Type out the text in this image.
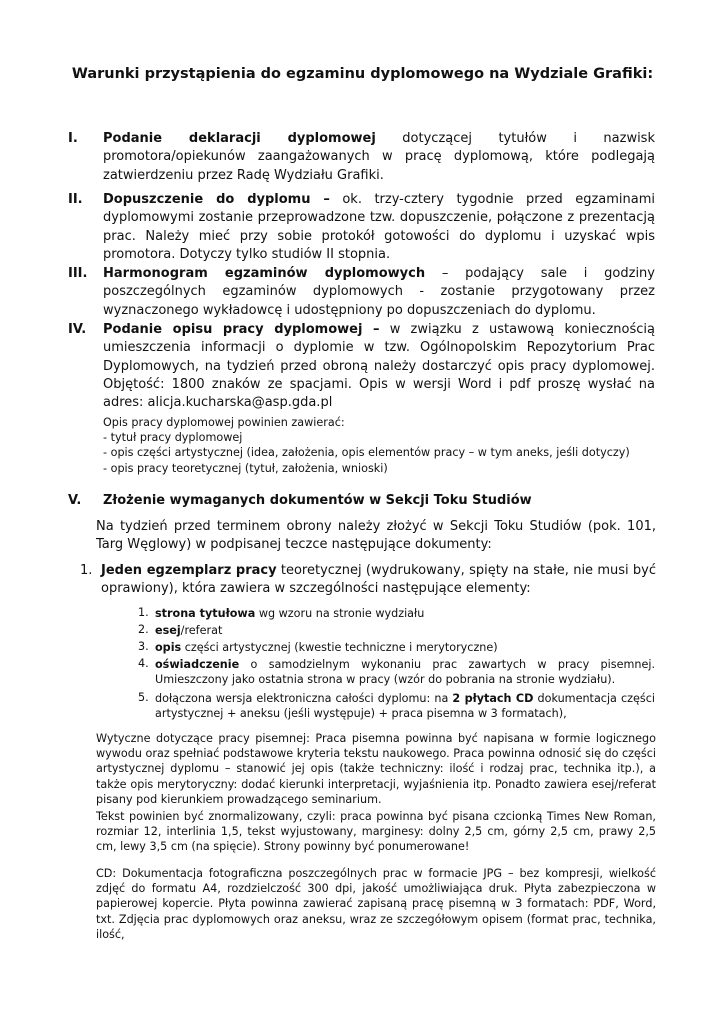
Warunki przystąpienia do egzaminu dyplomowego na Wydziale Grafiki:
I. Podanie deklaracji dyplomowej dotyczącej tytułów i nazwisk promotora/opiekunów zaangażowanych w pracę dyplomową, które podlegają zatwierdzeniu przez Radę Wydziału Grafiki.
II. Dopuszczenie do dyplomu – ok. trzy-cztery tygodnie przed egzaminami dyplomowymi zostanie przeprowadzone tzw. dopuszczenie, połączone z prezentacją prac. Należy mieć przy sobie protokół gotowości do dyplomu i uzyskać wpis promotora. Dotyczy tylko studiów II stopnia.
III. Harmonogram egzaminów dyplomowych – podający sale i godziny poszczególnych egzaminów dyplomowych - zostanie przygotowany przez wyznaczonego wykładowcę i udostępniony po dopuszczeniach do dyplomu.
IV. Podanie opisu pracy dyplomowej – w związku z ustawową koniecznością umieszczenia informacji o dyplomie w tzw. Ogólnopolskim Repozytorium Prac Dyplomowych, na tydzień przed obroną należy dostarczyć opis pracy dyplomowej. Objętość: 1800 znaków ze spacjami. Opis w wersji Word i pdf proszę wysłać na adres: alicja.kucharska@asp.gda.pl
Opis pracy dyplomowej powinien zawierać:
- tytuł pracy dyplomowej
- opis części artystycznej (idea, założenia, opis elementów pracy – w tym aneks, jeśli dotyczy)
- opis pracy teoretycznej (tytuł, założenia, wnioski)
V. Złożenie wymaganych dokumentów w Sekcji Toku Studiów
Na tydzień przed terminem obrony należy złożyć w Sekcji Toku Studiów (pok. 101, Targ Węglowy) w podpisanej teczce następujące dokumenty:
1. Jeden egzemplarz pracy teoretycznej (wydrukowany, spięty na stałe, nie musi być oprawiony), która zawiera w szczególności następujące elementy:
1. strona tytułowa wg wzoru na stronie wydziału
2. esej/referat
3. opis części artystycznej (kwestie techniczne i merytoryczne)
4. oświadczenie o samodzielnym wykonaniu prac zawartych w pracy pisemnej. Umieszczony jako ostatnia strona w pracy (wzór do pobrania na stronie wydziału).
5. dołączona wersja elektroniczna całości dyplomu: na 2 płytach CD dokumentacja części artystycznej + aneksu (jeśli występuje) + praca pisemna w 3 formatach),
Wytyczne dotyczące pracy pisemnej: Praca pisemna powinna być napisana w formie logicznego wywodu oraz spełniać podstawowe kryteria tekstu naukowego. Praca powinna odnosić się do części artystycznej dyplomu – stanowić jej opis (także techniczny: ilość i rodzaj prac, technika itp.), a także opis merytoryczny: dodać kierunki interpretacji, wyjaśnienia itp. Ponadto zawiera esej/referat pisany pod kierunkiem prowadzącego seminarium.
Tekst powinien być znormalizowany, czyli: praca powinna być pisana czcionką Times New Roman, rozmiar 12, interlinia 1,5, tekst wyjustowany, marginesy: dolny 2,5 cm, górny 2,5 cm, prawy 2,5 cm, lewy 3,5 cm (na spięcie). Strony powinny być ponumerowane!
CD: Dokumentacja fotograficzna poszczególnych prac w formacie JPG – bez kompresji, wielkość zdjęć do formatu A4, rozdzielczość 300 dpi, jakość umożliwiająca druk. Płyta zabezpieczona w papierowej kopercie. Płyta powinna zawierać zapisaną pracę pisemną w 3 formatach: PDF, Word, txt. Zdjęcia prac dyplomowych oraz aneksu, wraz ze szczegółowym opisem (format prac, technika, ilość,
